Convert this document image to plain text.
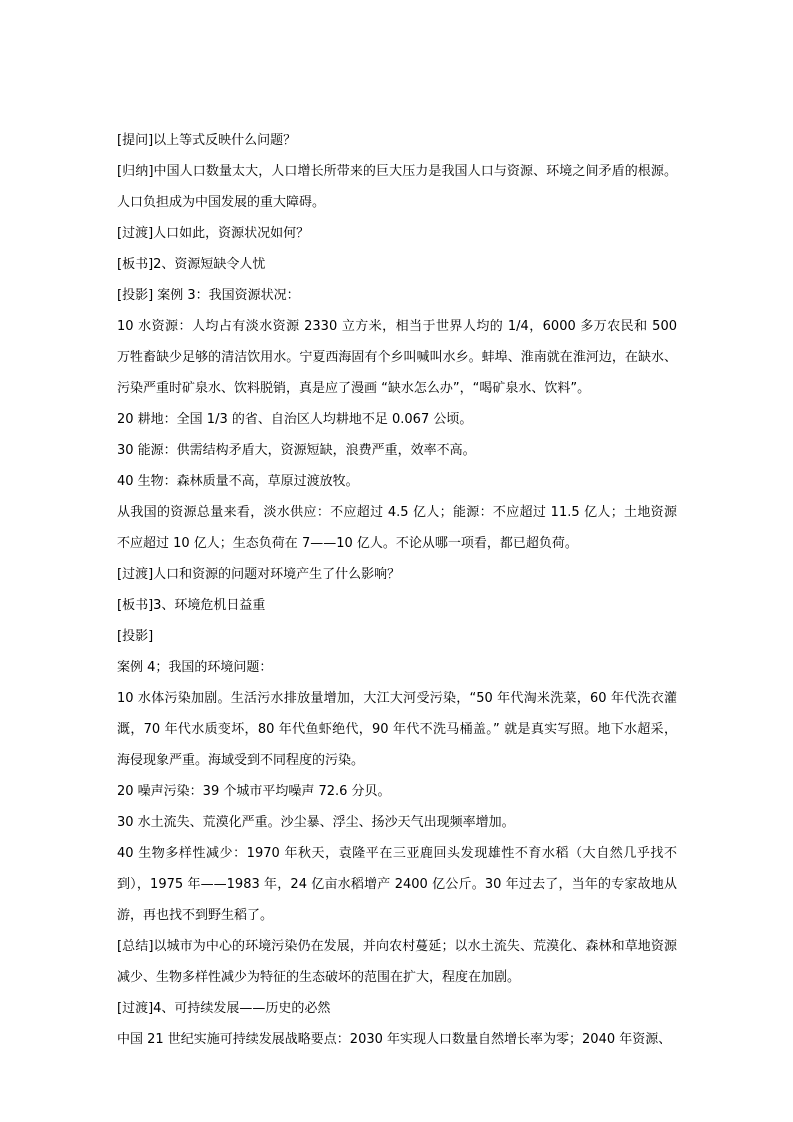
[提问]以上等式反映什么问题？

[归纳]中国人口数量太大，人口增长所带来的巨大压力是我国人口与资源、环境之间矛盾的根源。人口负担成为中国发展的重大障碍。

[过渡]人口如此，资源状况如何？

[板书]2、资源短缺令人忧

[投影] 案例 3：我国资源状况：

10 水资源：人均占有淡水资源 2330 立方米，相当于世界人均的 1/4，6000 多万农民和 500 万牲畜缺少足够的清洁饮用水。宁夏西海固有个乡叫喊叫水乡。蚌埠、淮南就在淮河边，在缺水、污染严重时矿泉水、饮料脱销，真是应了漫画 “缺水怎么办”，“喝矿泉水、饮料”。

20 耕地：全国 1/3 的省、自治区人均耕地不足 0.067 公顷。

30 能源：供需结构矛盾大，资源短缺，浪费严重，效率不高。

40 生物：森林质量不高，草原过渡放牧。

从我国的资源总量来看，淡水供应：不应超过 4.5 亿人；能源：不应超过 11.5 亿人；土地资源不应超过 10 亿人；生态负荷在 7——10 亿人。不论从哪一项看，都已超负荷。

[过渡]人口和资源的问题对环境产生了什么影响？

[板书]3、环境危机日益重

[投影]

案例 4；我国的环境问题：

10 水体污染加剧。生活污水排放量增加，大江大河受污染，“50 年代淘米洗菜，60 年代洗衣灌溉，70 年代水质变坏，80 年代鱼虾绝代，90 年代不洗马桶盖。” 就是真实写照。地下水超采，海侵现象严重。海域受到不同程度的污染。

20 噪声污染：39 个城市平均噪声 72.6 分贝。

30 水土流失、荒漠化严重。沙尘暴、浮尘、扬沙天气出现频率增加。

40 生物多样性减少：1970 年秋天，袁隆平在三亚鹿回头发现雄性不育水稻（大自然几乎找不到），1975 年——1983 年，24 亿亩水稻增产 2400 亿公斤。30 年过去了，当年的专家故地从游，再也找不到野生稻了。

[总结]以城市为中心的环境污染仍在发展，并向农村蔓延；以水土流失、荒漠化、森林和草地资源减少、生物多样性减少为特征的生态破坏的范围在扩大，程度在加剧。

[过渡]4、可持续发展——历史的必然

中国 21 世纪实施可持续发展战略要点：2030 年实现人口数量自然增长率为零；2040 年资源、
